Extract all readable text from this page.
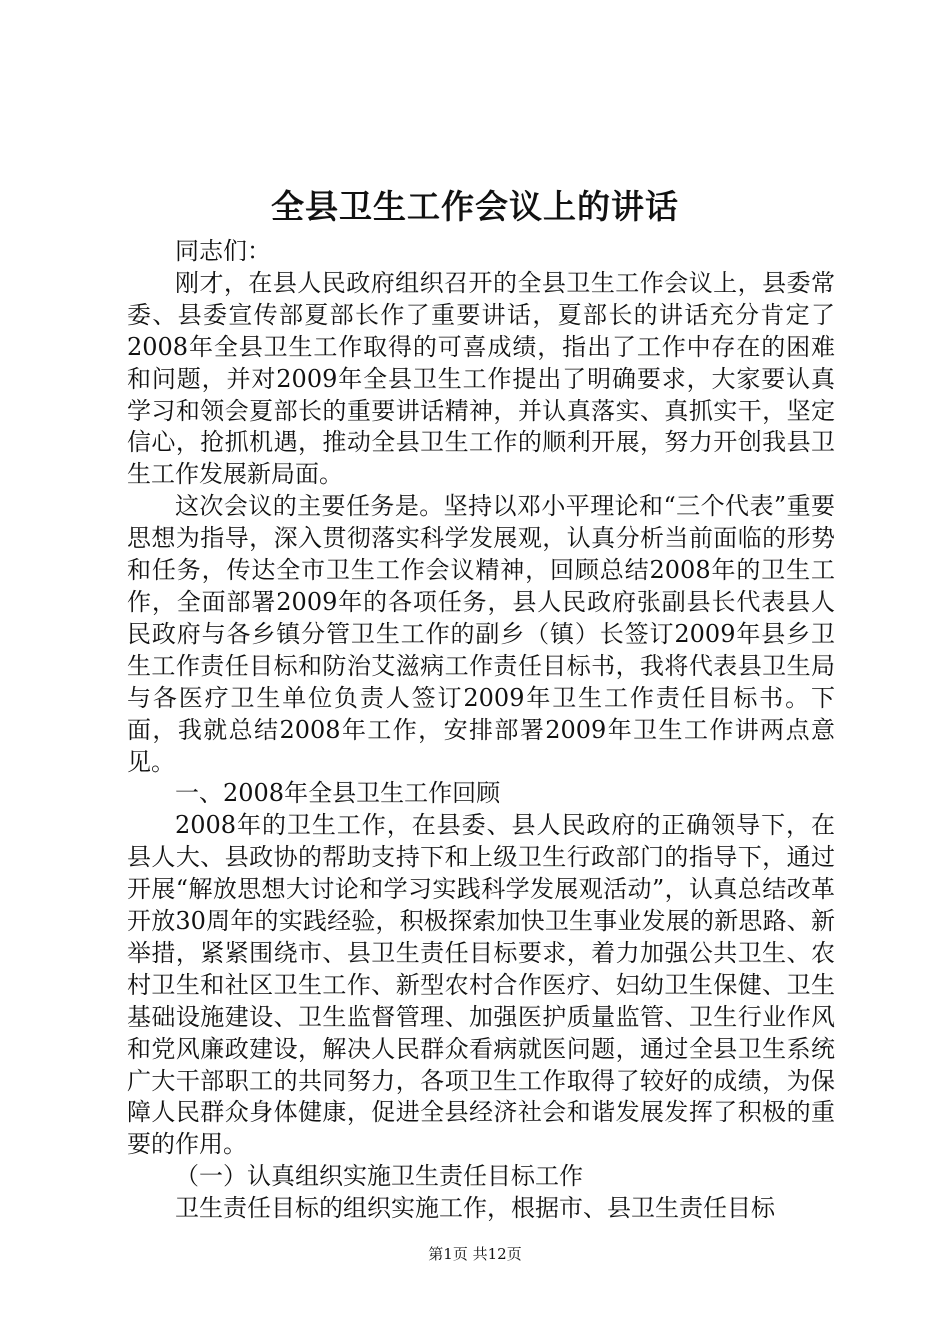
全县卫生工作会议上的讲话

同志们：

刚才，在县人民政府组织召开的全县卫生工作会议上，县委常委、县委宣传部夏部长作了重要讲话，夏部长的讲话充分肯定了2008年全县卫生工作取得的可喜成绩，指出了工作中存在的困难和问题，并对2009年全县卫生工作提出了明确要求，大家要认真学习和领会夏部长的重要讲话精神，并认真落实、真抓实干，坚定信心，抢抓机遇，推动全县卫生工作的顺利开展，努力开创我县卫生工作发展新局面。

这次会议的主要任务是。坚持以邓小平理论和“三个代表”重要思想为指导，深入贯彻落实科学发展观，认真分析当前面临的形势和任务，传达全市卫生工作会议精神，回顾总结2008年的卫生工作，全面部署2009年的各项任务，县人民政府张副县长代表县人民政府与各乡镇分管卫生工作的副乡（镇）长签订2009年县乡卫生工作责任目标和防治艾滋病工作责任目标书，我将代表县卫生局与各医疗卫生单位负责人签订2009年卫生工作责任目标书。下面，我就总结2008年工作，安排部署2009年卫生工作讲两点意见。

一、2008年全县卫生工作回顾

2008年的卫生工作，在县委、县人民政府的正确领导下，在县人大、县政协的帮助支持下和上级卫生行政部门的指导下，通过开展“解放思想大讨论和学习实践科学发展观活动”，认真总结改革开放30周年的实践经验，积极探索加快卫生事业发展的新思路、新举措，紧紧围绕市、县卫生责任目标要求，着力加强公共卫生、农村卫生和社区卫生工作、新型农村合作医疗、妇幼卫生保健、卫生基础设施建设、卫生监督管理、加强医护质量监管、卫生行业作风和党风廉政建设，解决人民群众看病就医问题，通过全县卫生系统广大干部职工的共同努力，各项卫生工作取得了较好的成绩，为保障人民群众身体健康，促进全县经济社会和谐发展发挥了积极的重要的作用。

（一）认真组织实施卫生责任目标工作

卫生责任目标的组织实施工作，根据市、县卫生责任目标

第1页 共12页
